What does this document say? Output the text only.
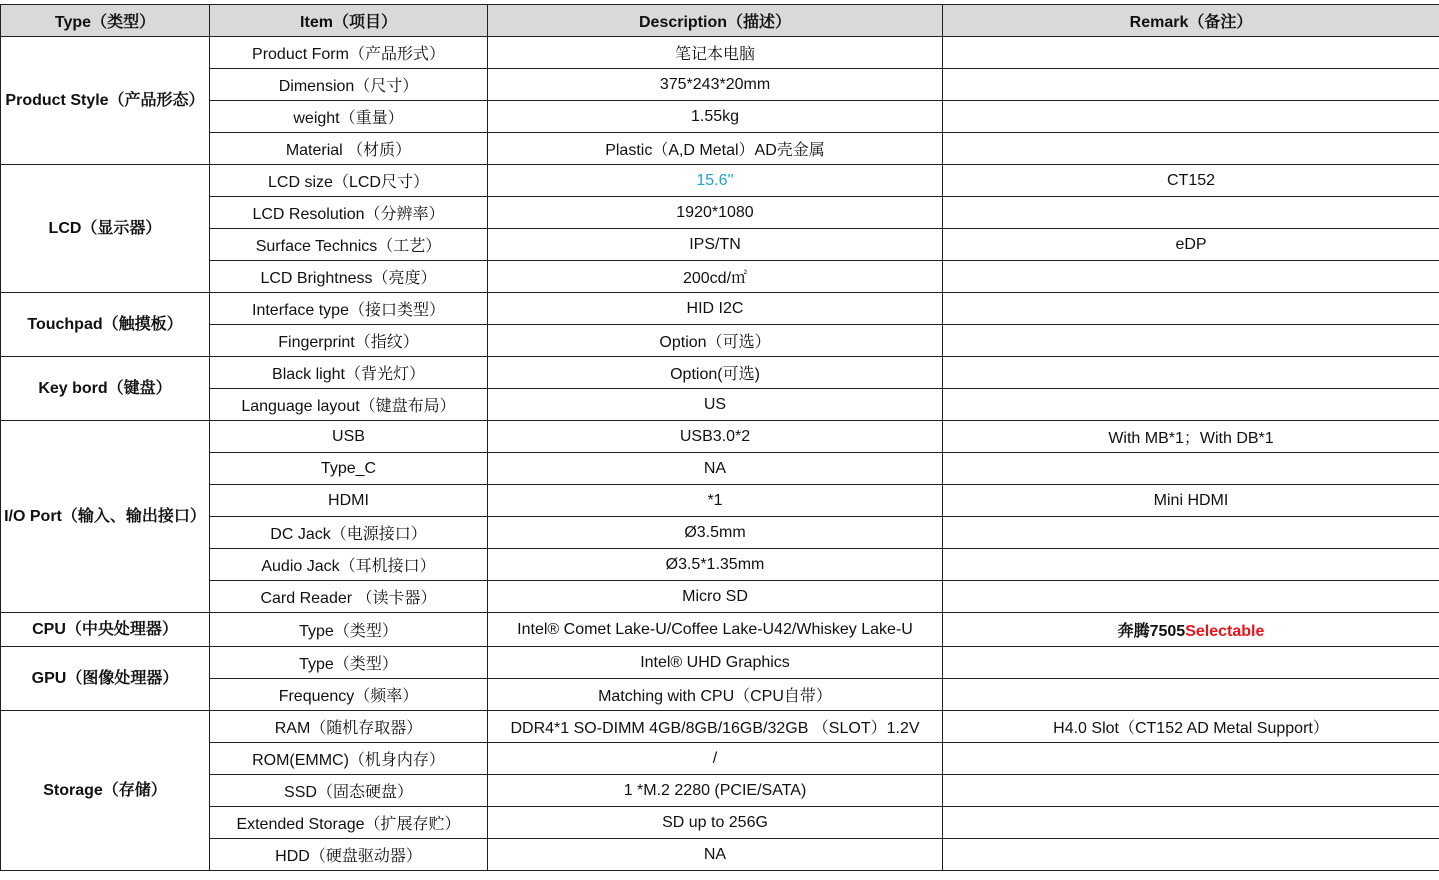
Type（类型）	Item（项目）	Description（描述）	Remark（备注）
Product Style（产品形态）	Product Form（产品形式）	笔记本电脑	
	Dimension（尺寸）	375*243*20mm	
	weight（重量）	1.55kg	
	Material （材质）	Plastic（A,D Metal）AD壳金属	
LCD（显示器）	LCD size（LCD尺寸）	15.6''	CT152
	LCD Resolution（分辨率）	1920*1080	
	Surface Technics（工艺）	IPS/TN	eDP
	LCD Brightness（亮度）	200cd/㎡	
Touchpad（触摸板）	Interface type（接口类型）	HID I2C	
	Fingerprint（指纹）	Option（可选）	
Key bord（键盘）	Black light（背光灯）	Option(可选)	
	Language layout（键盘布局）	US	
I/O Port（输入、输出接口）	USB	USB3.0*2	With MB*1；With DB*1
	Type_C	NA	
	HDMI	*1	Mini HDMI
	DC Jack（电源接口）	Ø3.5mm	
	Audio Jack（耳机接口）	Ø3.5*1.35mm	
	Card Reader （读卡器）	Micro SD	
CPU（中央处理器）	Type（类型）	Intel® Comet Lake-U/Coffee Lake-U42/Whiskey Lake-U	奔腾7505Selectable
GPU（图像处理器）	Type（类型）	Intel® UHD Graphics	
	Frequency（频率）	Matching with CPU（CPU自带）	
Storage（存储）	RAM（随机存取器）	DDR4*1 SO-DIMM 4GB/8GB/16GB/32GB （SLOT）1.2V	H4.0 Slot（CT152 AD Metal Support）
	ROM(EMMC)（机身内存）	/	
	SSD（固态硬盘）	1 *M.2 2280 (PCIE/SATA)	
	Extended Storage（扩展存贮）	SD up to 256G	
	HDD（硬盘驱动器）	NA	
